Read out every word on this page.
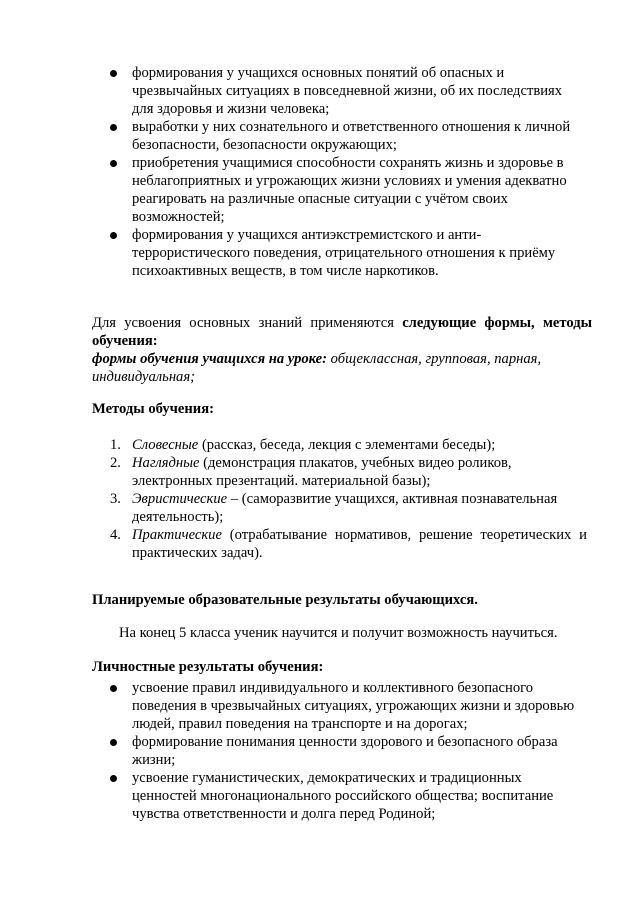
формирования у учащихся основных понятий об опасных и
чрезвычайных ситуациях в повседневной жизни, об их последствиях
для здоровья и жизни человека;
выработки у них сознательного и ответственного отношения к личной
безопасности, безопасности окружающих;
приобретения учащимися способности сохранять жизнь и здоровье в
неблагоприятных и угрожающих жизни условиях и умения адекватно
реагировать на различные опасные ситуации с учётом своих
возможностей;
формирования у учащихся антиэкстремистского и анти-
террористического поведения, отрицательного отношения к приёму
психоактивных веществ, в том числе наркотиков.
Для усвоения основных знаний применяются следующие формы, методы
обучения:
формы обучения учащихся на уроке: общеклассная, групповая, парная,
индивидуальная;
Методы обучения:
1. Словесные (рассказ, беседа, лекция с элементами беседы);
2. Наглядные (демонстрация плакатов, учебных видео роликов,
электронных презентаций. материальной базы);
3. Эвристические – (саморазвитие учащихся, активная познавательная
деятельность);
4. Практические (отрабатывание нормативов, решение теоретических и
практических задач).
Планируемые образовательные результаты обучающихся.
На конец 5 класса ученик научится и получит возможность научиться.
Личностные результаты обучения:
усвоение правил индивидуального и коллективного безопасного
поведения в чрезвычайных ситуациях, угрожающих жизни и здоровью
людей, правил поведения на транспорте и на дорогах;
формирование понимания ценности здорового и безопасного образа
жизни;
усвоение гуманистических, демократических и традиционных
ценностей многонационального российского общества; воспитание
чувства ответственности и долга перед Родиной;
